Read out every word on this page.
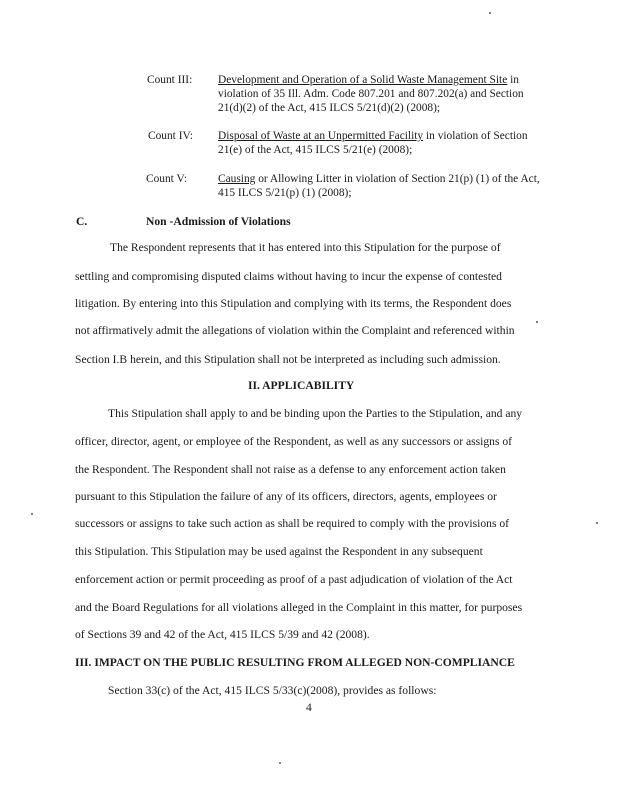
Count III: Development and Operation of a Solid Waste Management Site in violation of 35 Ill. Adm. Code 807.201 and 807.202(a) and Section 21(d)(2) of the Act, 415 ILCS 5/21(d)(2) (2008);
Count IV: Disposal of Waste at an Unpermitted Facility in violation of Section 21(e) of the Act, 415 ILCS 5/21(e) (2008);
Count V:	Causing or Allowing Litter in violation of Section 21(p) (1) of the Act, 415 ILCS 5/21(p) (1) (2008);
C.	Non -Admission of Violations
The Respondent represents that it has entered into this Stipulation for the purpose of
settling and compromising disputed claims without having to incur the expense of contested
litigation. By entering into this Stipulation and complying with its terms, the Respondent does
not affirmatively admit the allegations of violation within the Complaint and referenced within
Section I.B herein, and this Stipulation shall not be interpreted as including such admission.
II. APPLICABILITY
This Stipulation shall apply to and be binding upon the Parties to the Stipulation, and any
officer, director, agent, or employee of the Respondent, as well as any successors or assigns of
the Respondent. The Respondent shall not raise as a defense to any enforcement action taken
pursuant to this Stipulation the failure of any of its officers, directors, agents, employees or
successors or assigns to take such action as shall be required to comply with the provisions of
this Stipulation. This Stipulation may be used against the Respondent in any subsequent
enforcement action or permit proceeding as proof of a past adjudication of violation of the Act
and the Board Regulations for all violations alleged in the Complaint in this matter, for purposes
of Sections 39 and 42 of the Act, 415 ILCS 5/39 and 42 (2008).
III. IMPACT ON THE PUBLIC RESULTING FROM ALLEGED NON-COMPLIANCE
Section 33(c) of the Act, 415 ILCS 5/33(c)(2008), provides as follows:
4
